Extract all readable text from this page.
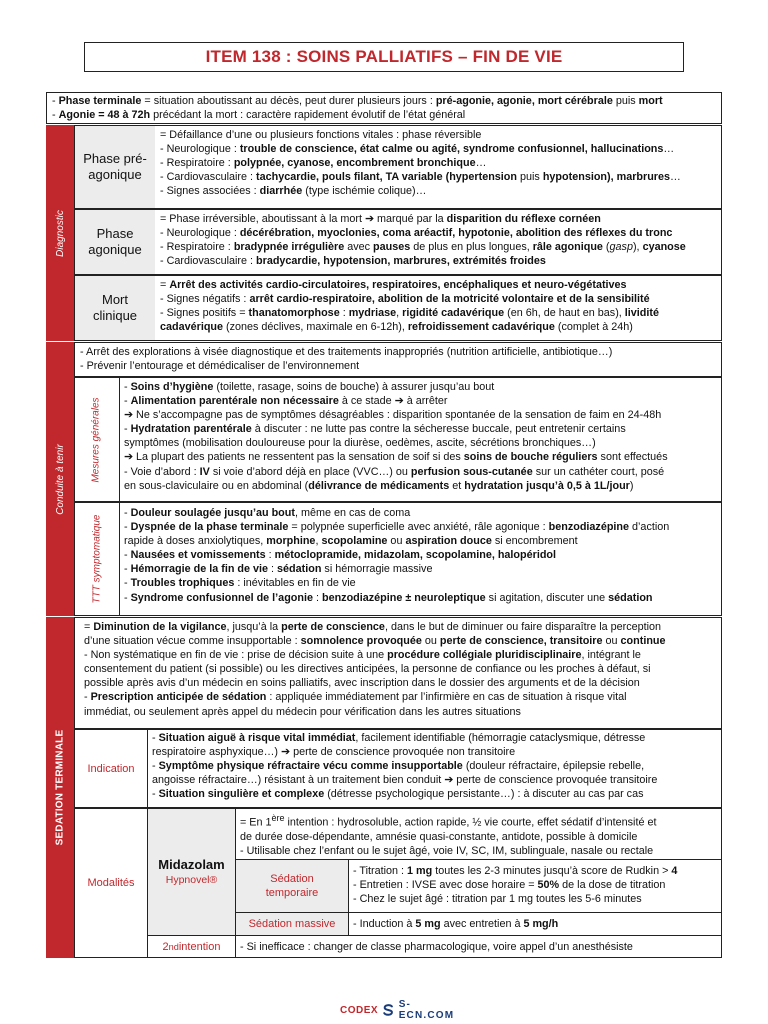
ITEM 138 : SOINS PALLIATIFS – FIN DE VIE
- Phase terminale = situation aboutissant au décès, peut durer plusieurs jours : pré-agonie, agonie, mort cérébrale puis mort
- Agonie = 48 à 72h précédant la mort : caractère rapidement évolutif de l’état général
Diagnostic
Phase pré-agonique
= Défaillance d’une ou plusieurs fonctions vitales : phase réversible
- Neurologique : trouble de conscience, état calme ou agité, syndrome confusionnel, hallucinations…
- Respiratoire : polypnée, cyanose, encombrement bronchique…
- Cardiovasculaire : tachycardie, pouls filant, TA variable (hypertension puis hypotension), marbrures…
- Signes associées : diarrhée (type ischémie colique)…
Phase agonique
= Phase irréversible, aboutissant à la mort ➔ marqué par la disparition du réflexe cornéen
- Neurologique : décérébration, myoclonies, coma aréactif, hypotonie, abolition des réflexes du tronc
- Respiratoire : bradypnée irrégulière avec pauses de plus en plus longues, râle agonique (gasp), cyanose
- Cardiovasculaire : bradycardie, hypotension, marbrures, extrémités froides
Mort clinique
= Arrêt des activités cardio-circulatoires, respiratoires, encéphaliques et neuro-végétatives
- Signes négatifs : arrêt cardio-respiratoire, abolition de la motricité volontaire et de la sensibilité
- Signes positifs = thanatomorphose : mydriase, rigidité cadavérique (en 6h, de haut en bas), lividité
cadavérique (zones déclives, maximale en 6-12h), refroidissement cadavérique (complet à 24h)
Conduite à tenir
- Arrêt des explorations à visée diagnostique et des traitements inappropriés (nutrition artificielle, antibiotique…)
- Prévenir l’entourage et démédicaliser de l’environnement
Mesures générales
- Soins d’hygiène (toilette, rasage, soins de bouche) à assurer jusqu’au bout
- Alimentation parentérale non nécessaire à ce stade ➔ à arrêter
➔ Ne s’accompagne pas de symptômes désagréables : disparition spontanée de la sensation de faim en 24-48h
- Hydratation parentérale à discuter : ne lutte pas contre la sécheresse buccale, peut entretenir certains
symptômes (mobilisation douloureuse pour la diurèse, oedèmes, ascite, sécrétions bronchiques…)
➔ La plupart des patients ne ressentent pas la sensation de soif si des soins de bouche réguliers sont effectués
- Voie d’abord : IV si voie d’abord déjà en place (VVC…) ou perfusion sous-cutanée sur un cathéter court, posé
en sous-claviculaire ou en abdominal (délivrance de médicaments et hydratation jusqu’à 0,5 à 1L/jour)
TTT symptomatique
- Douleur soulagée jusqu’au bout, même en cas de coma
- Dyspnée de la phase terminale = polypnée superficielle avec anxiété, râle agonique : benzodiazépine d’action
rapide à doses anxiolytiques, morphine, scopolamine ou aspiration douce si encombrement
- Nausées et vomissements : métoclopramide, midazolam, scopolamine, halopéridol
- Hémorragie de la fin de vie : sédation si hémorragie massive
- Troubles trophiques : inévitables en fin de vie
- Syndrome confusionnel de l’agonie : benzodiazépine ± neuroleptique si agitation, discuter une sédation
SEDATION TERMINALE
= Diminution de la vigilance, jusqu’à la perte de conscience, dans le but de diminuer ou faire disparaître la perception
d’une situation vécue comme insupportable : somnolence provoquée ou perte de conscience, transitoire ou continue
- Non systématique en fin de vie : prise de décision suite à une procédure collégiale pluridisciplinaire, intégrant le
consentement du patient (si possible) ou les directives anticipées, la personne de confiance ou les proches à défaut, si
possible après avis d’un médecin en soins palliatifs, avec inscription dans le dossier des arguments et de la décision
- Prescription anticipée de sédation : appliquée immédiatement par l’infirmière en cas de situation à risque vital
immédiat, ou seulement après appel du médecin pour vérification dans les autres situations
Indication
- Situation aiguë à risque vital immédiat, facilement identifiable (hémorragie cataclysmique, détresse
respiratoire asphyxique…) ➔ perte de conscience provoquée non transitoire
- Symptôme physique réfractaire vécu comme insupportable (douleur réfractaire, épilepsie rebelle,
angoisse réfractaire…) résistant à un traitement bien conduit ➔ perte de conscience provoquée transitoire
- Situation singulière et complexe (détresse psychologique persistante…) : à discuter au cas par cas
Modalités
Midazolam
Hypnovel®
= En 1ère intention : hydrosoluble, action rapide, ½ vie courte, effet sédatif d’intensité et
de durée dose-dépendante, amnésie quasi-constante, antidote, possible à domicile
- Utilisable chez l’enfant ou le sujet âgé, voie IV, SC, IM, sublinguale, nasale ou rectale
Sédation temporaire
- Titration : 1 mg toutes les 2-3 minutes jusqu’à score de Rudkin > 4
- Entretien : IVSE avec dose horaire = 50% de la dose de titration
- Chez le sujet âgé : titration par 1 mg toutes les 5-6 minutes
Sédation massive	- Induction à 5 mg avec entretien à 5 mg/h
2 nd intention	- Si inefficace : changer de classe pharmacologique, voire appel d’un anesthésiste
CODEX S-ECN.COM
